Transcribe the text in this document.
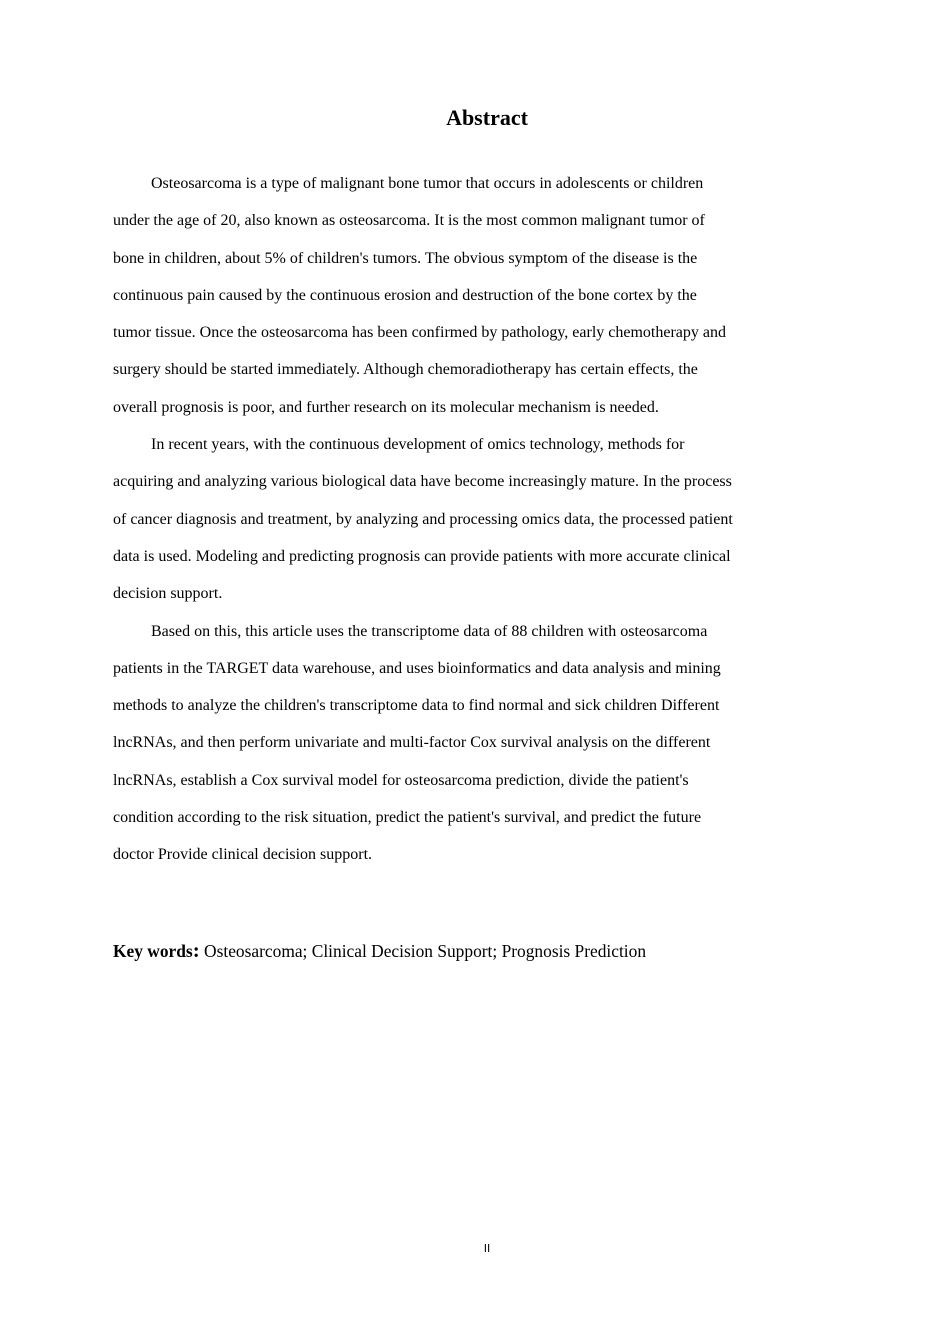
Abstract
Osteosarcoma is a type of malignant bone tumor that occurs in adolescents or children
under the age of 20, also known as osteosarcoma. It is the most common malignant tumor of
bone in children, about 5% of children's tumors. The obvious symptom of the disease is the
continuous pain caused by the continuous erosion and destruction of the bone cortex by the
tumor tissue. Once the osteosarcoma has been confirmed by pathology, early chemotherapy and
surgery should be started immediately. Although chemoradiotherapy has certain effects, the
overall prognosis is poor, and further research on its molecular mechanism is needed.
In recent years, with the continuous development of omics technology, methods for
acquiring and analyzing various biological data have become increasingly mature. In the process
of cancer diagnosis and treatment, by analyzing and processing omics data, the processed patient
data is used. Modeling and predicting prognosis can provide patients with more accurate clinical
decision support.
Based on this, this article uses the transcriptome data of 88 children with osteosarcoma
patients in the TARGET data warehouse, and uses bioinformatics and data analysis and mining
methods to analyze the children's transcriptome data to find normal and sick children Different
lncRNAs, and then perform univariate and multi-factor Cox survival analysis on the different
lncRNAs, establish a Cox survival model for osteosarcoma prediction, divide the patient's
condition according to the risk situation, predict the patient's survival, and predict the future
doctor Provide clinical decision support.
Key words: Osteosarcoma; Clinical Decision Support; Prognosis Prediction
II
